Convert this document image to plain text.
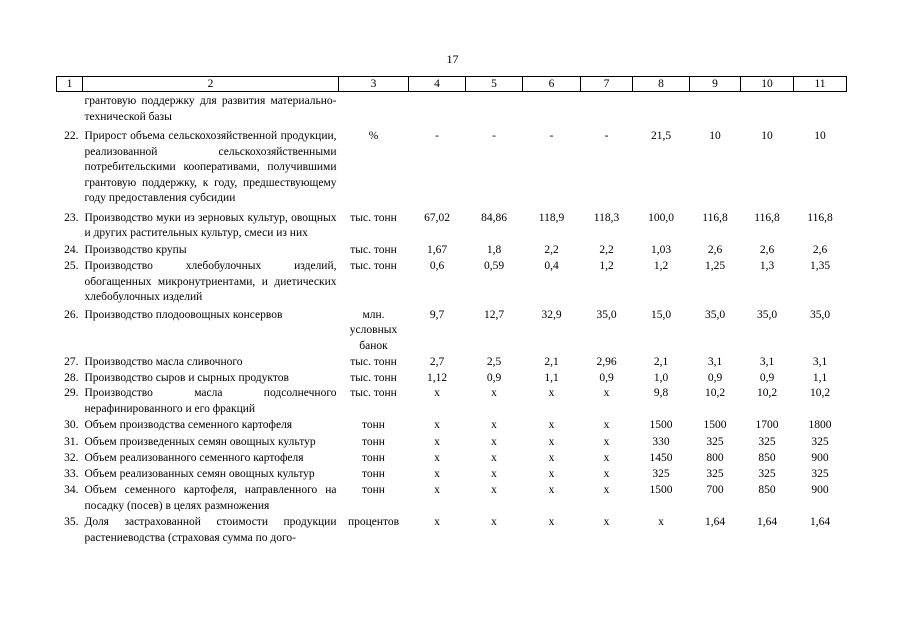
17
1	2	3	4	5	6	7	8	9	10	11
	грантовую поддержку для развития материально-технической базы									
22.	Прирост объема сельскохозяйственной продукции, реализованной сельскохозяйственными потребительскими кооперативами, получившими грантовую поддержку, к году, предшествующему году предоставления субсидии	%	-	-	-	-	21,5	10	10	10
23.	Производство муки из зерновых культур, овощных и других растительных культур, смеси из них	тыс. тонн	67,02	84,86	118,9	118,3	100,0	116,8	116,8	116,8
24.	Производство крупы	тыс. тонн	1,67	1,8	2,2	2,2	1,03	2,6	2,6	2,6
25.	Производство хлебобулочных изделий, обогащенных микронутриентами, и диетических хлебобулочных изделий	тыс. тонн	0,6	0,59	0,4	1,2	1,2	1,25	1,3	1,35
26.	Производство плодоовощных консервов	млн. условных банок	9,7	12,7	32,9	35,0	15,0	35,0	35,0	35,0
27.	Производство масла сливочного	тыс. тонн	2,7	2,5	2,1	2,96	2,1	3,1	3,1	3,1
28.	Производство сыров и сырных продуктов	тыс. тонн	1,12	0,9	1,1	0,9	1,0	0,9	0,9	1,1
29.	Производство масла подсолнечного нерафинированного и его фракций	тыс. тонн	х	х	х	х	9,8	10,2	10,2	10,2
30.	Объем производства семенного картофеля	тонн	х	х	х	х	1500	1500	1700	1800
31.	Объем произведенных семян овощных культур	тонн	х	х	х	х	330	325	325	325
32.	Объем реализованного семенного картофеля	тонн	х	х	х	х	1450	800	850	900
33.	Объем реализованных семян овощных культур	тонн	х	х	х	х	325	325	325	325
34.	Объем семенного картофеля, направленного на посадку (посев) в целях размножения	тонн	х	х	х	х	1500	700	850	900
35.	Доля застрахованной стоимости продукции растениеводства (страховая сумма по дого-	процентов	х	х	х	х	х	1,64	1,64	1,64
